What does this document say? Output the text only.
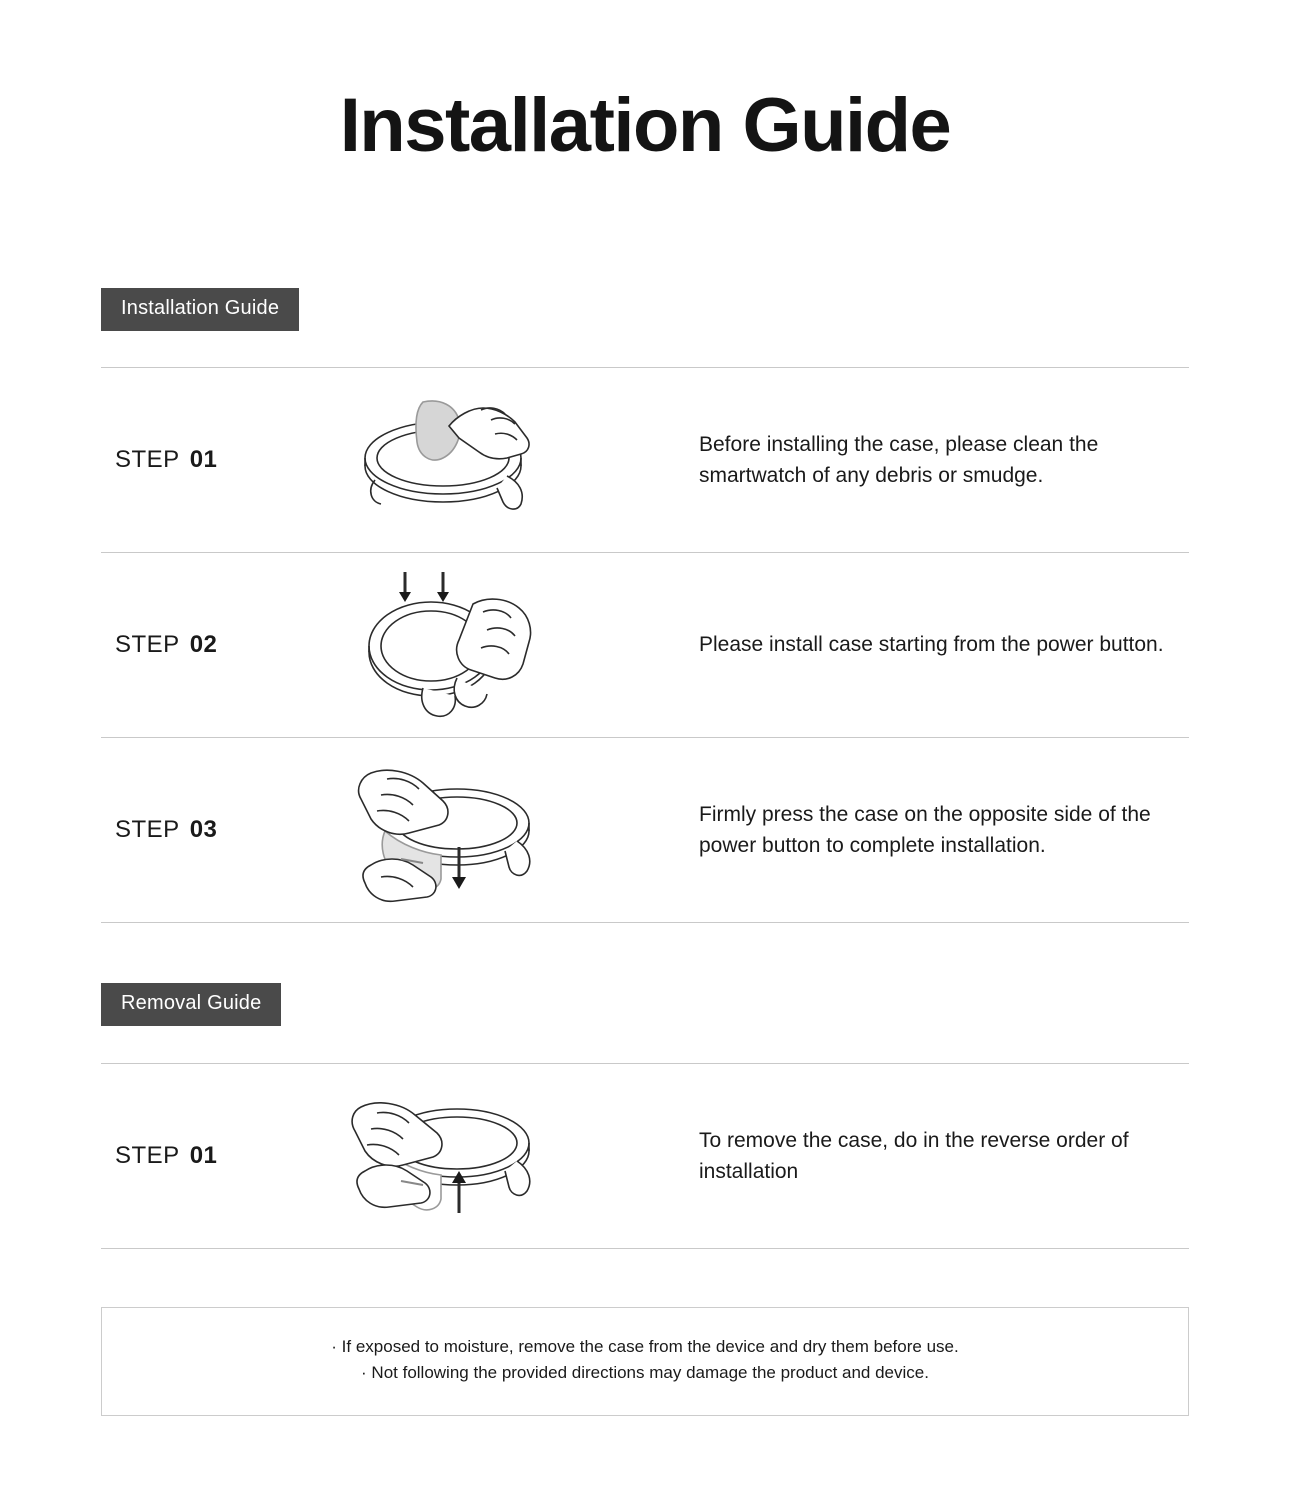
Installation Guide
Installation Guide
STEP 01
Before installing the case, please clean the smartwatch of any debris or smudge.
STEP 02	Please install case starting from the power button.
STEP 03
Firmly press the case on the opposite side of the power button to complete installation.
Removal Guide
STEP 01
To remove the case, do in the reverse order of installation
· If exposed to moisture, remove the case from the device and dry them before use.
· Not following the provided directions may damage the product and device.
